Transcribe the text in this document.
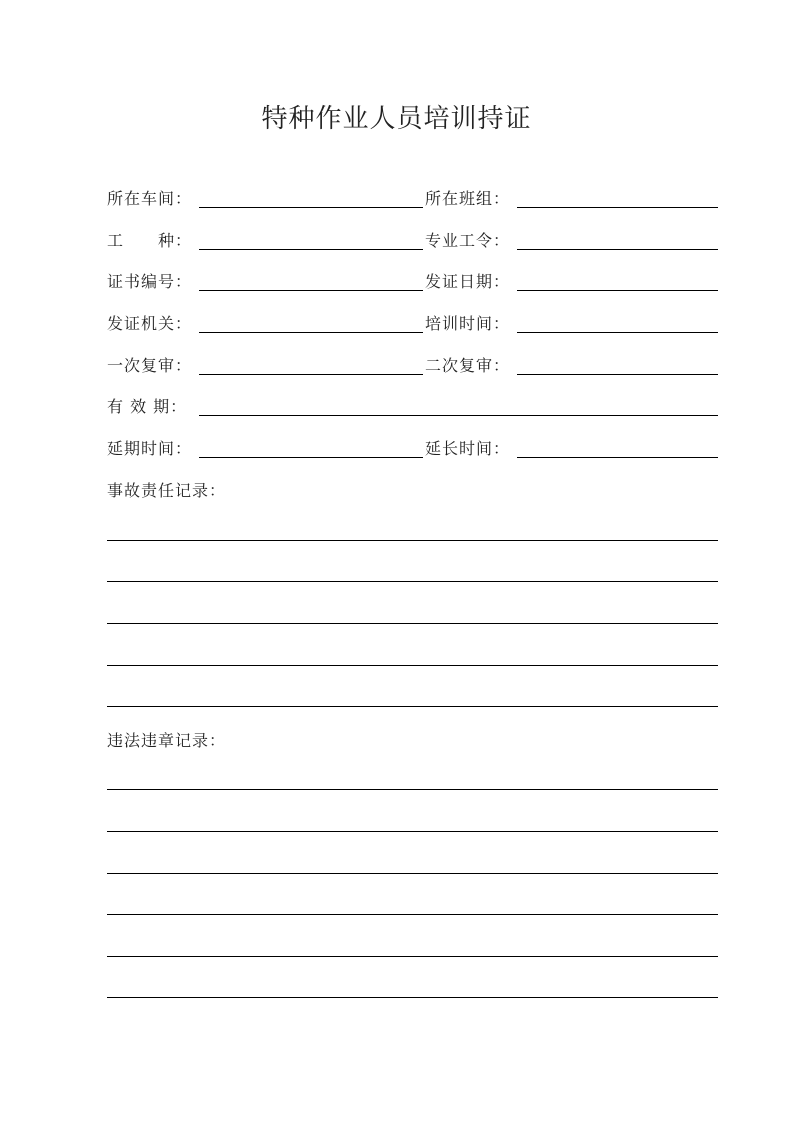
特种作业人员培训持证
所在车间：	所在班组：
工　　种：	专业工令：
证书编号：	发证日期：
发证机关：	培训时间：
一次复审：	二次复审：
有 效 期：
延期时间：	延长时间：
事故责任记录：
违法违章记录：
